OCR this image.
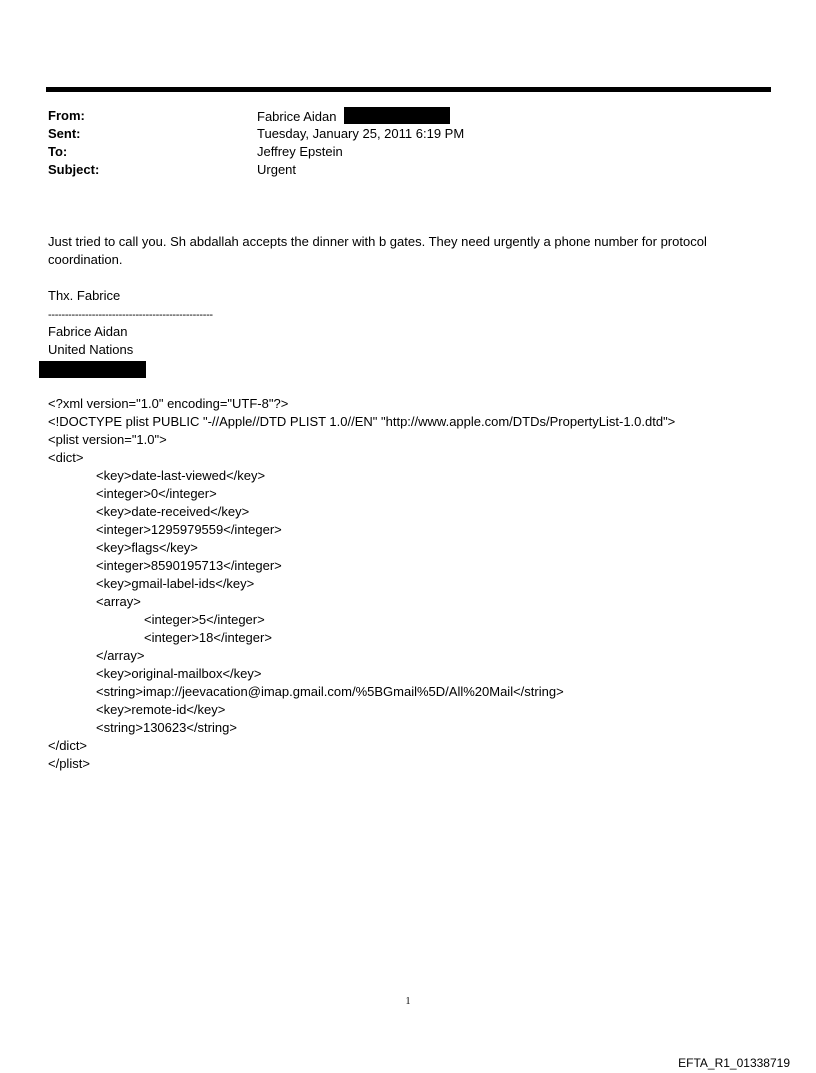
From:	Fabrice Aidan
Sent:	Tuesday, January 25, 2011 6:19 PM
To:	Jeffrey Epstein
Subject:	Urgent

Just tried to call you. Sh abdallah accepts the dinner with b gates. They need urgently a phone number for protocol coordination.

Thx. Fabrice

-------------------------------------------------

Fabrice Aidan

United Nations

<?xml version="1.0" encoding="UTF-8"?>
<!DOCTYPE plist PUBLIC "-//Apple//DTD PLIST 1.0//EN" "http://www.apple.com/DTDs/PropertyList-1.0.dtd">
<plist version="1.0">
<dict>
<key>date-last-viewed</key>
<integer>0</integer>
<key>date-received</key>
<integer>1295979559</integer>
<key>flags</key>
<integer>8590195713</integer>
<key>gmail-label-ids</key>
<array>
<integer>5</integer>
<integer>18</integer>
</array>
<key>original-mailbox</key>
<string>imap://jeevacation@imap.gmail.com/%5BGmail%5D/All%20Mail</string>
<key>remote-id</key>
<string>130623</string>
</dict>
</plist>
1
EFTA_R1_01338719
